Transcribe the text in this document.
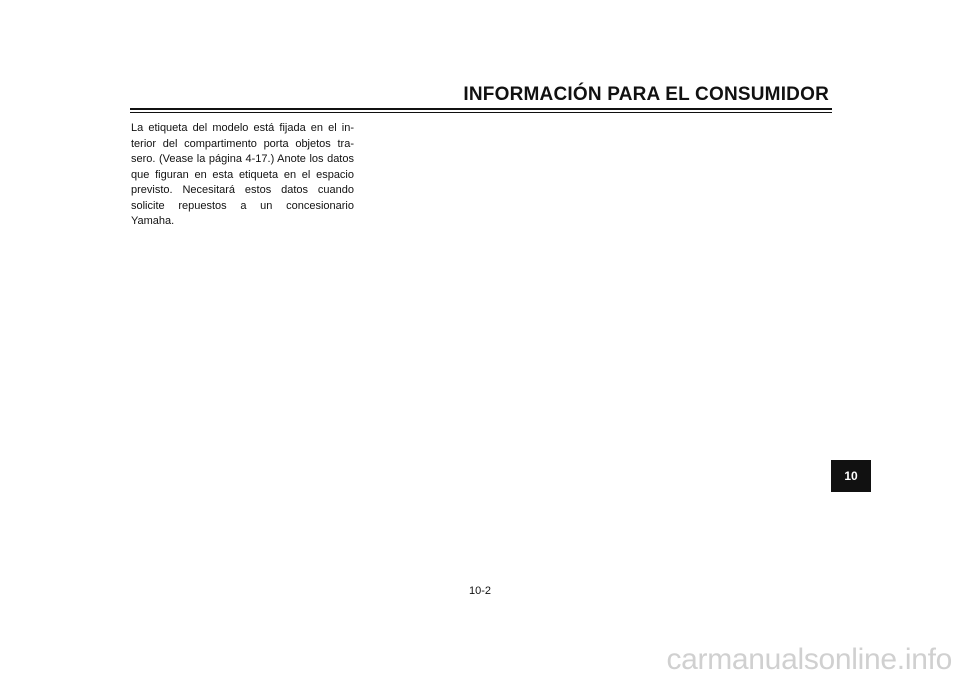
INFORMACIÓN PARA EL CONSUMIDOR

La etiqueta del modelo está fijada en el interior del compartimento porta objetos trasero. (Vease la página 4-17.) Anote los datos que figuran en esta etiqueta en el espacio previsto. Necesitará estos datos cuando solicite repuestos a un concesionario Yamaha.

10
10-2
carmanualsonline.info
